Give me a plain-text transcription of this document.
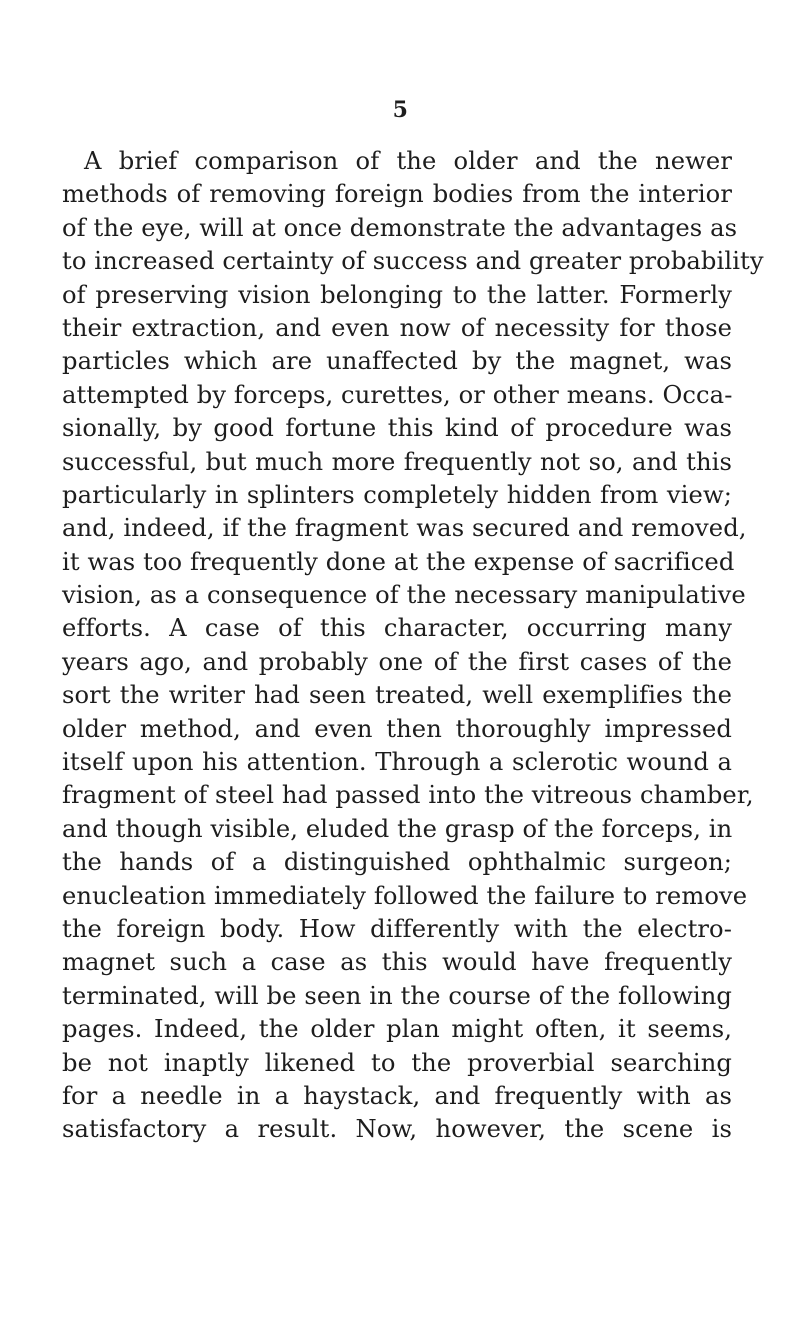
5
A brief comparison of the older and the newer
methods of removing foreign bodies from the interior
of the eye, will at once demonstrate the advantages as
to increased certainty of success and greater probability
of preserving vision belonging to the latter. Formerly
their extraction, and even now of necessity for those
particles which are unaffected by the magnet, was
attempted by forceps, curettes, or other means. Occa-
sionally, by good fortune this kind of procedure was
successful, but much more frequently not so, and this
particularly in splinters completely hidden from view;
and, indeed, if the fragment was secured and removed,
it was too frequently done at the expense of sacrificed
vision, as a consequence of the necessary manipulative
efforts. A case of this character, occurring many
years ago, and probably one of the first cases of the
sort the writer had seen treated, well exemplifies the
older method, and even then thoroughly impressed
itself upon his attention. Through a sclerotic wound a
fragment of steel had passed into the vitreous chamber,
and though visible, eluded the grasp of the forceps, in
the hands of a distinguished ophthalmic surgeon;
enucleation immediately followed the failure to remove
the foreign body. How differently with the electro-
magnet such a case as this would have frequently
terminated, will be seen in the course of the following
pages. Indeed, the older plan might often, it seems,
be not inaptly likened to the proverbial searching
for a needle in a haystack, and frequently with as
satisfactory a result. Now, however, the scene is
